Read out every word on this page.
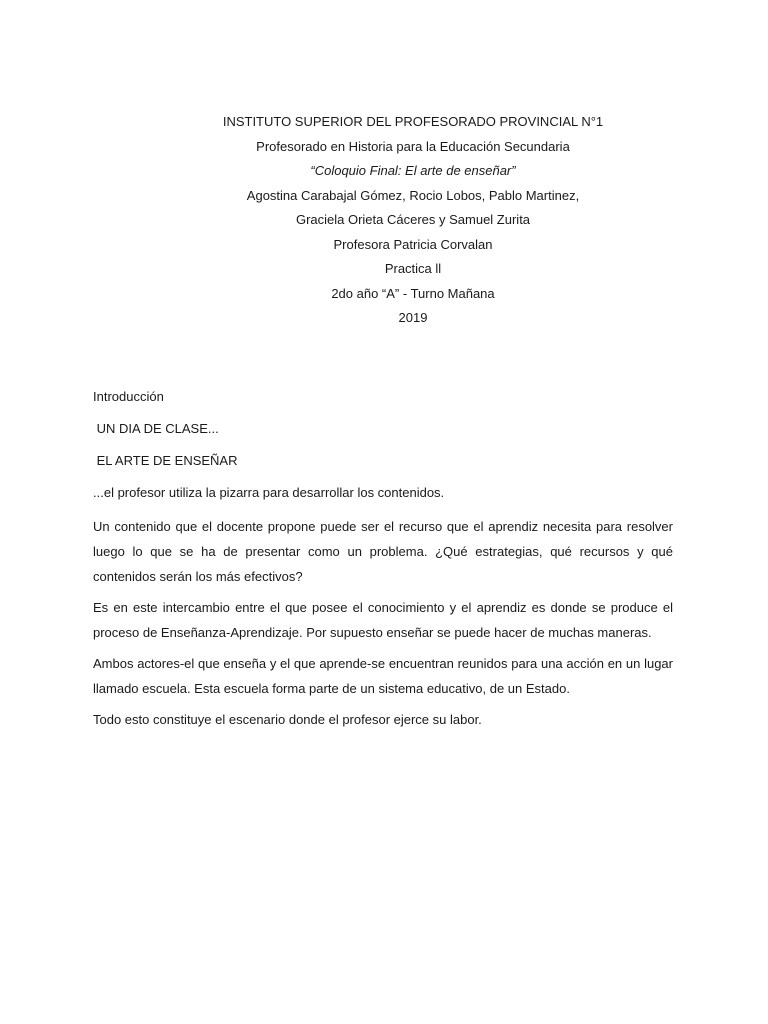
INSTITUTO SUPERIOR DEL PROFESORADO PROVINCIAL N°1
Profesorado en Historia para la Educación Secundaria
“Coloquio Final: El arte de enseñar”
Agostina Carabajal Gómez, Rocio Lobos, Pablo Martinez,
Graciela Orieta Cáceres y Samuel Zurita
Profesora Patricia Corvalan
Practica ll
2do año “A” - Turno Mañana
2019

Introducción

UN DIA DE CLASE...

EL ARTE DE ENSEÑAR

...el profesor utiliza la pizarra para desarrollar los contenidos.

Un contenido que el docente propone puede ser el recurso que el aprendiz necesita para resolver luego lo que se ha de presentar como un problema. ¿Qué estrategias, qué recursos y qué contenidos serán los más efectivos?

Es en este intercambio entre el que posee el conocimiento y el aprendiz es donde se produce el proceso de Enseñanza-Aprendizaje. Por supuesto enseñar se puede hacer de muchas maneras.

Ambos actores-el que enseña y el que aprende-se encuentran reunidos para una acción en un lugar llamado escuela. Esta escuela forma parte de un sistema educativo, de un Estado.

Todo esto constituye el escenario donde el profesor ejerce su labor.
